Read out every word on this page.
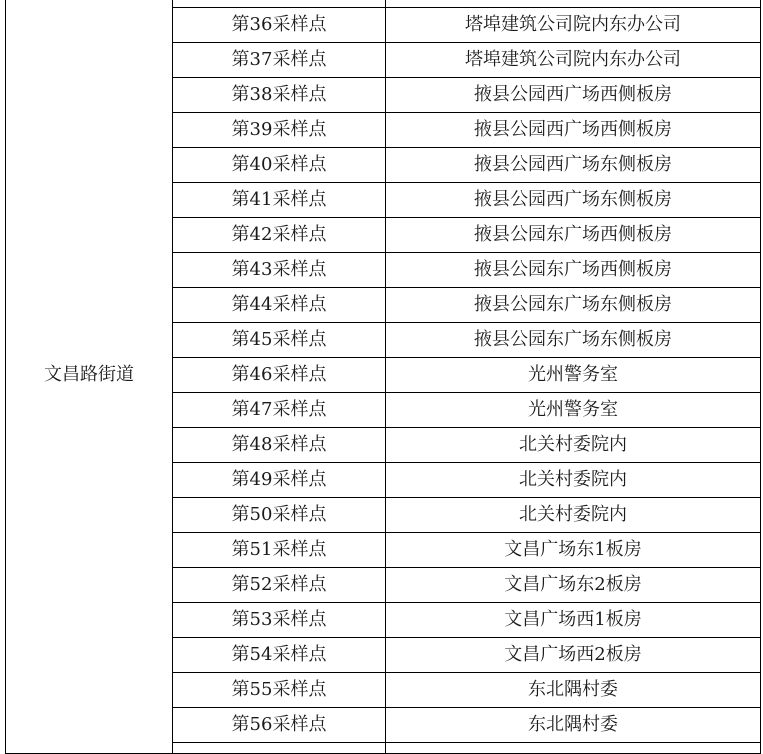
文昌路街道		
	第36采样点	塔埠建筑公司院内东办公司
	第37采样点	塔埠建筑公司院内东办公司
	第38采样点	掖县公园西广场西侧板房
	第39采样点	掖县公园西广场西侧板房
	第40采样点	掖县公园西广场东侧板房
	第41采样点	掖县公园西广场东侧板房
	第42采样点	掖县公园东广场西侧板房
	第43采样点	掖县公园东广场西侧板房
	第44采样点	掖县公园东广场东侧板房
	第45采样点	掖县公园东广场东侧板房
	第46采样点	光州警务室
	第47采样点	光州警务室
	第48采样点	北关村委院内
	第49采样点	北关村委院内
	第50采样点	北关村委院内
	第51采样点	文昌广场东1板房
	第52采样点	文昌广场东2板房
	第53采样点	文昌广场西1板房
	第54采样点	文昌广场西2板房
	第55采样点	东北隅村委
	第56采样点	东北隅村委
